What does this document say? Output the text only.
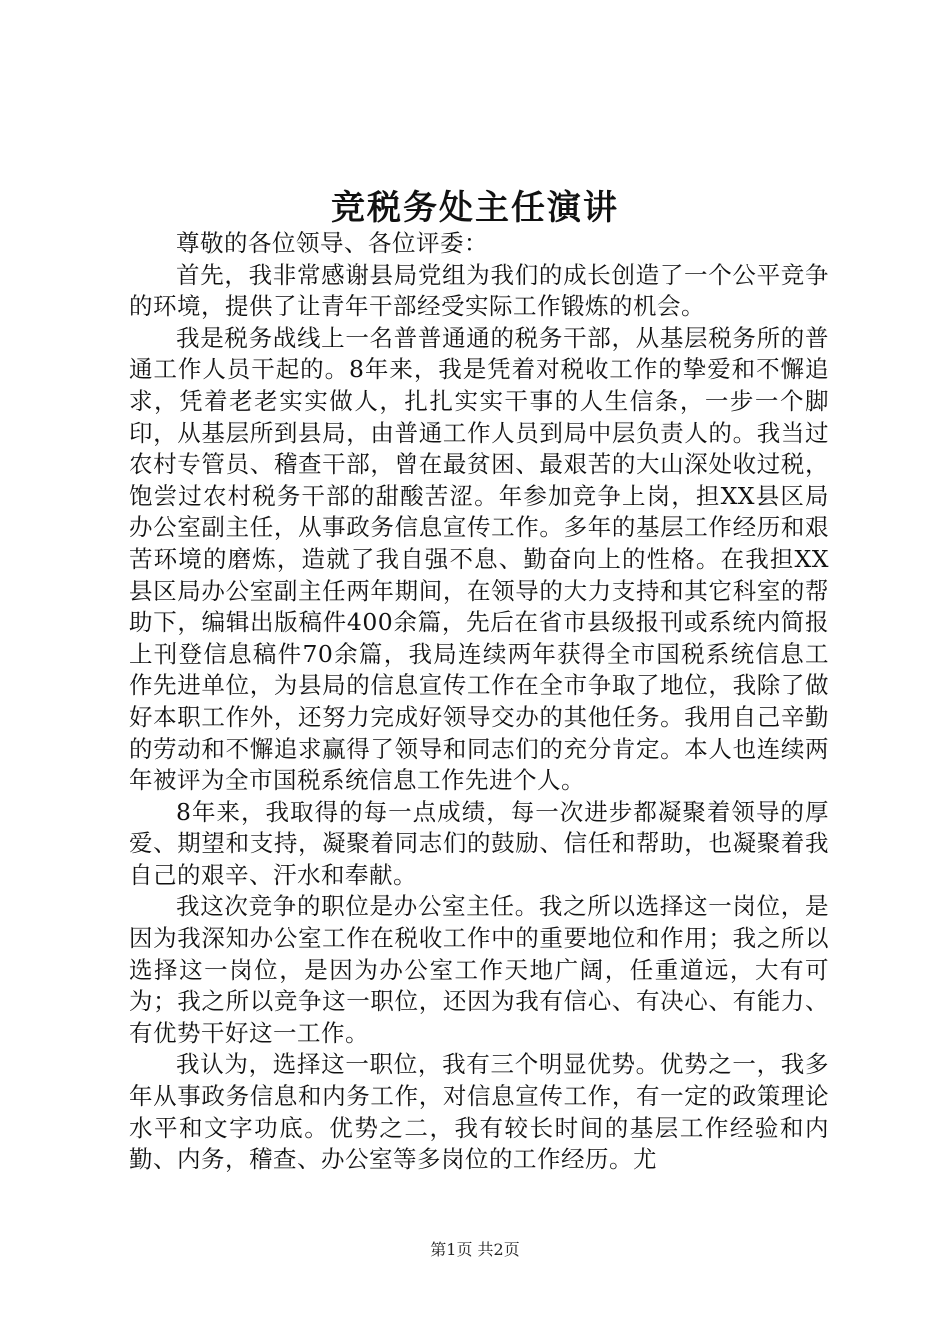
竞税务处主任演讲

尊敬的各位领导、各位评委：

首先，我非常感谢县局党组为我们的成长创造了一个公平竞争的环境，提供了让青年干部经受实际工作锻炼的机会。

我是税务战线上一名普普通通的税务干部，从基层税务所的普通工作人员干起的。8年来，我是凭着对税收工作的挚爱和不懈追求，凭着老老实实做人，扎扎实实干事的人生信条，一步一个脚印，从基层所到县局，由普通工作人员到局中层负责人的。我当过农村专管员、稽查干部，曾在最贫困、最艰苦的大山深处收过税，饱尝过农村税务干部的甜酸苦涩。年参加竞争上岗，担XX县区局办公室副主任，从事政务信息宣传工作。多年的基层工作经历和艰苦环境的磨炼，造就了我自强不息、勤奋向上的性格。在我担XX县区局办公室副主任两年期间，在领导的大力支持和其它科室的帮助下，编辑出版稿件400余篇，先后在省市县级报刊或系统内简报上刊登信息稿件70余篇，我局连续两年获得全市国税系统信息工作先进单位，为县局的信息宣传工作在全市争取了地位，我除了做好本职工作外，还努力完成好领导交办的其他任务。我用自己辛勤的劳动和不懈追求赢得了领导和同志们的充分肯定。本人也连续两年被评为全市国税系统信息工作先进个人。

8年来，我取得的每一点成绩，每一次进步都凝聚着领导的厚爱、期望和支持，凝聚着同志们的鼓励、信任和帮助，也凝聚着我自己的艰辛、汗水和奉献。

我这次竞争的职位是办公室主任。我之所以选择这一岗位，是因为我深知办公室工作在税收工作中的重要地位和作用；我之所以选择这一岗位，是因为办公室工作天地广阔，任重道远，大有可为；我之所以竞争这一职位，还因为我有信心、有决心、有能力、有优势干好这一工作。

我认为，选择这一职位，我有三个明显优势。优势之一，我多年从事政务信息和内务工作，对信息宣传工作，有一定的政策理论水平和文字功底。优势之二，我有较长时间的基层工作经验和内勤、内务，稽查、办公室等多岗位的工作经历。尤

第1页 共2页
